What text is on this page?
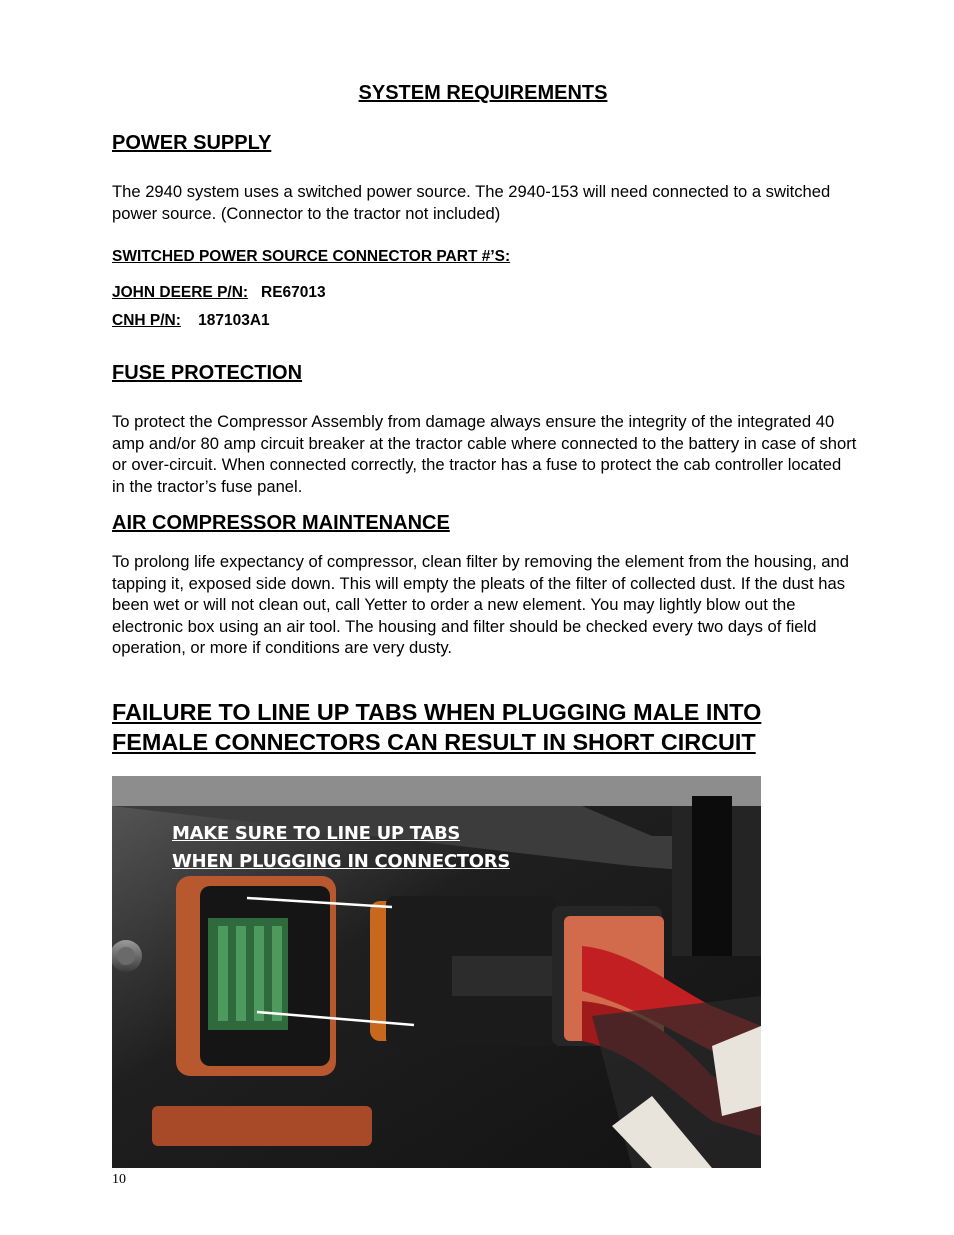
SYSTEM REQUIREMENTS
POWER SUPPLY
The 2940 system uses a switched power source. The 2940-153 will need connected to a switched power source. (Connector to the tractor not included)
SWITCHED POWER SOURCE CONNECTOR PART #’S:
JOHN DEERE P/N: RE67013
CNH P/N: 187103A1
FUSE PROTECTION
To protect the Compressor Assembly from damage always ensure the integrity of the integrated 40 amp and/or 80 amp circuit breaker at the tractor cable where connected to the battery in case of short or over-circuit. When connected correctly, the tractor has a fuse to protect the cab controller located in the tractor’s fuse panel.
AIR COMPRESSOR MAINTENANCE
To prolong life expectancy of compressor, clean filter by removing the element from the housing, and tapping it, exposed side down. This will empty the pleats of the filter of collected dust. If the dust has been wet or will not clean out, call Yetter to order a new element. You may lightly blow out the electronic box using an air tool. The housing and filter should be checked every two days of field operation, or more if conditions are very dusty.
FAILURE TO LINE UP TABS WHEN PLUGGING MALE INTO
FEMALE CONNECTORS CAN RESULT IN SHORT CIRCUIT
MAKE SURE TO LINE UP TABS
WHEN PLUGGING IN CONNECTORS
10
